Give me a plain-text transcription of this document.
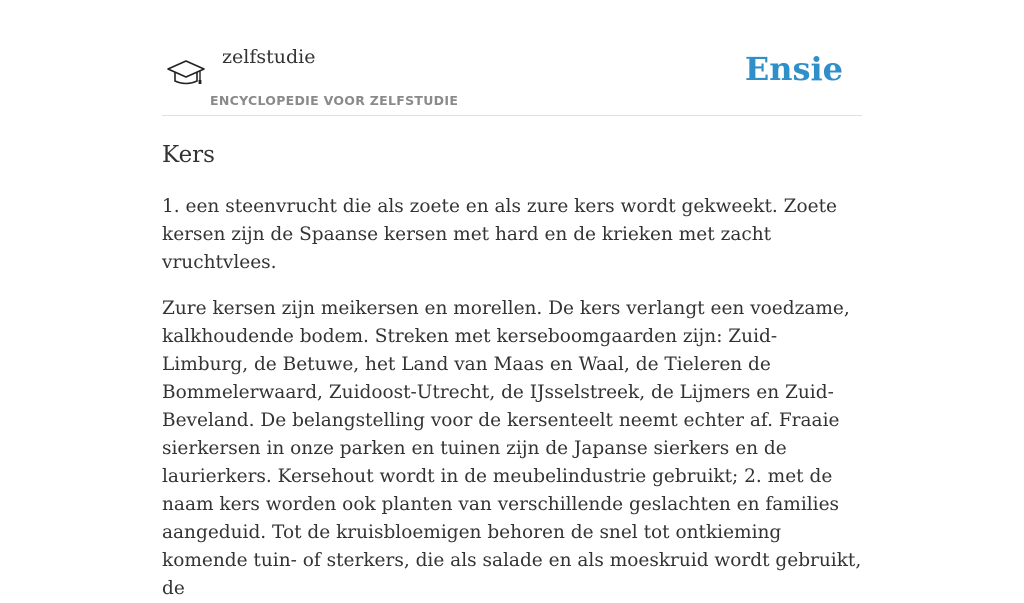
zelfstudie
ENCYCLOPEDIE VOOR ZELFSTUDIE
Ensie
Kers

1. een steenvrucht die als zoete en als zure kers wordt gekweekt. Zoete kersen zijn de Spaanse kersen met hard en de krieken met zacht vruchtvlees.

Zure kersen zijn meikersen en morellen. De kers verlangt een voedzame, kalkhoudende bodem. Streken met kerseboomgaarden zijn: Zuid-Limburg, de Betuwe, het Land van Maas en Waal, de Tieleren de Bommelerwaard, Zuidoost-Utrecht, de IJsselstreek, de Lijmers en Zuid-Beveland. De belangstelling voor de kersenteelt neemt echter af. Fraaie sierkersen in onze parken en tuinen zijn de Japanse sierkers en de laurierkers. Kersehout wordt in de meubelindustrie gebruikt; 2. met de naam kers worden ook planten van verschillende geslachten en families aangeduid. Tot de kruisbloemigen behoren de snel tot ontkieming komende tuin- of sterkers, die als salade en als moeskruid wordt gebruikt, de
